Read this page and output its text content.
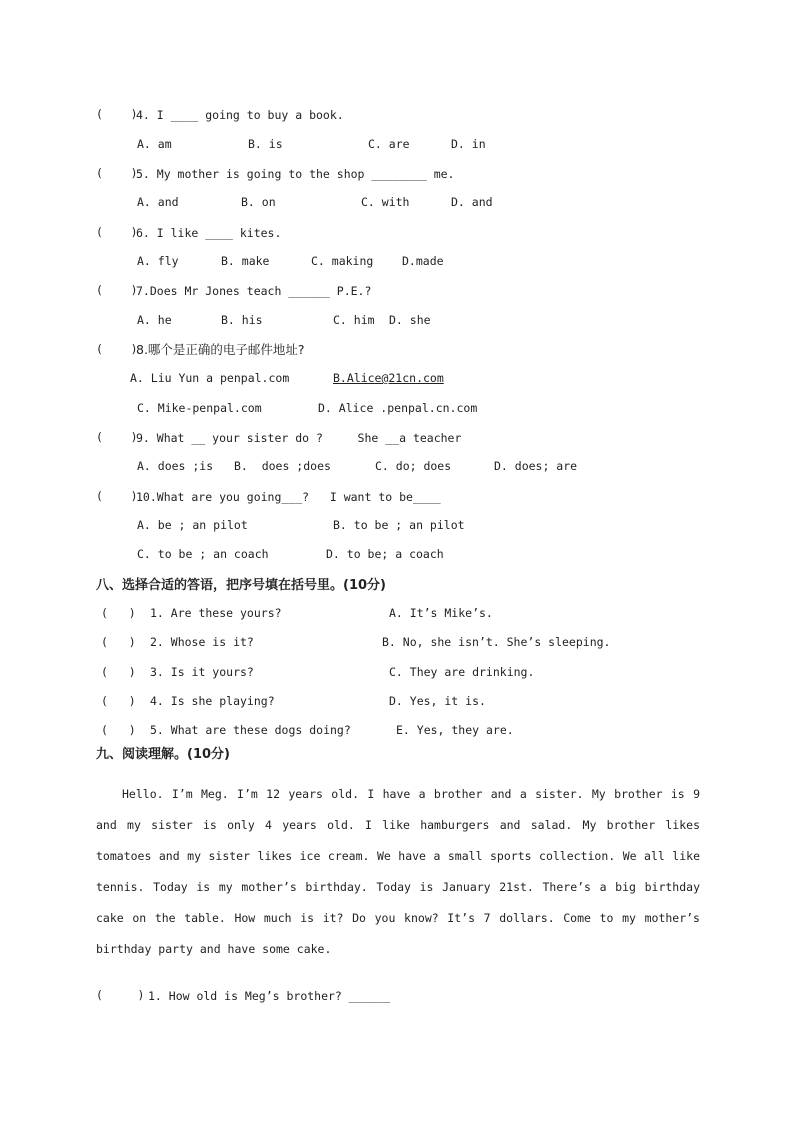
(    )
4. I ____ going to buy a book.
A. am	B. is	C. are	D. in
(    )
5. My mother is going to the shop ________ me.
A. and	B. on	C. with	D. and
(    )
6. I like ____ kites.
A. fly	B. make	C. making D.made
(    )
7.Does Mr Jones teach ______ P.E.?
A. he	B. his	C. him D. she
(    )
8.哪个是正确的电子邮件地址?
A. Liu Yun a penpal.com	B.Alice@21cn.com
C. Mike-penpal.com	D. Alice .penpal.cn.com
(    )
9. What __ your sister do ?     She __a teacher
A. does ;is B.  does ;does	C. do; does	D. does; are
(    )
10.What are you going___?   I want to be____
A. be ; an pilot	B. to be ; an pilot
C. to be ; an coach	D. to be; a coach
八、选择合适的答语，把序号填在括号里。(10分)
(   ) 1. Are these yours?	A. It’s Mike’s.
(   ) 2. Whose is it?	B. No, she isn’t. She’s sleeping.
(   ) 3. Is it yours?	C. They are drinking.
(   ) 4. Is she playing?	D. Yes, it is.
(   ) 5. What are these dogs doing?	E. Yes, they are.
九、阅读理解。(10分)
Hello. I’m Meg. I’m 12 years old. I have a brother and a sister. My brother is 9 and my sister is only 4 years old. I like hamburgers and salad. My brother likes tomatoes and my sister likes ice cream. We have a small sports collection. We all like tennis. Today is my mother’s birthday. Today is January 21st. There’s a big birthday cake on the table. How much is it? Do you know? It’s 7 dollars. Come to my mother’s birthday party and have some cake.
(     ) 1. How old is Meg’s brother? ______
